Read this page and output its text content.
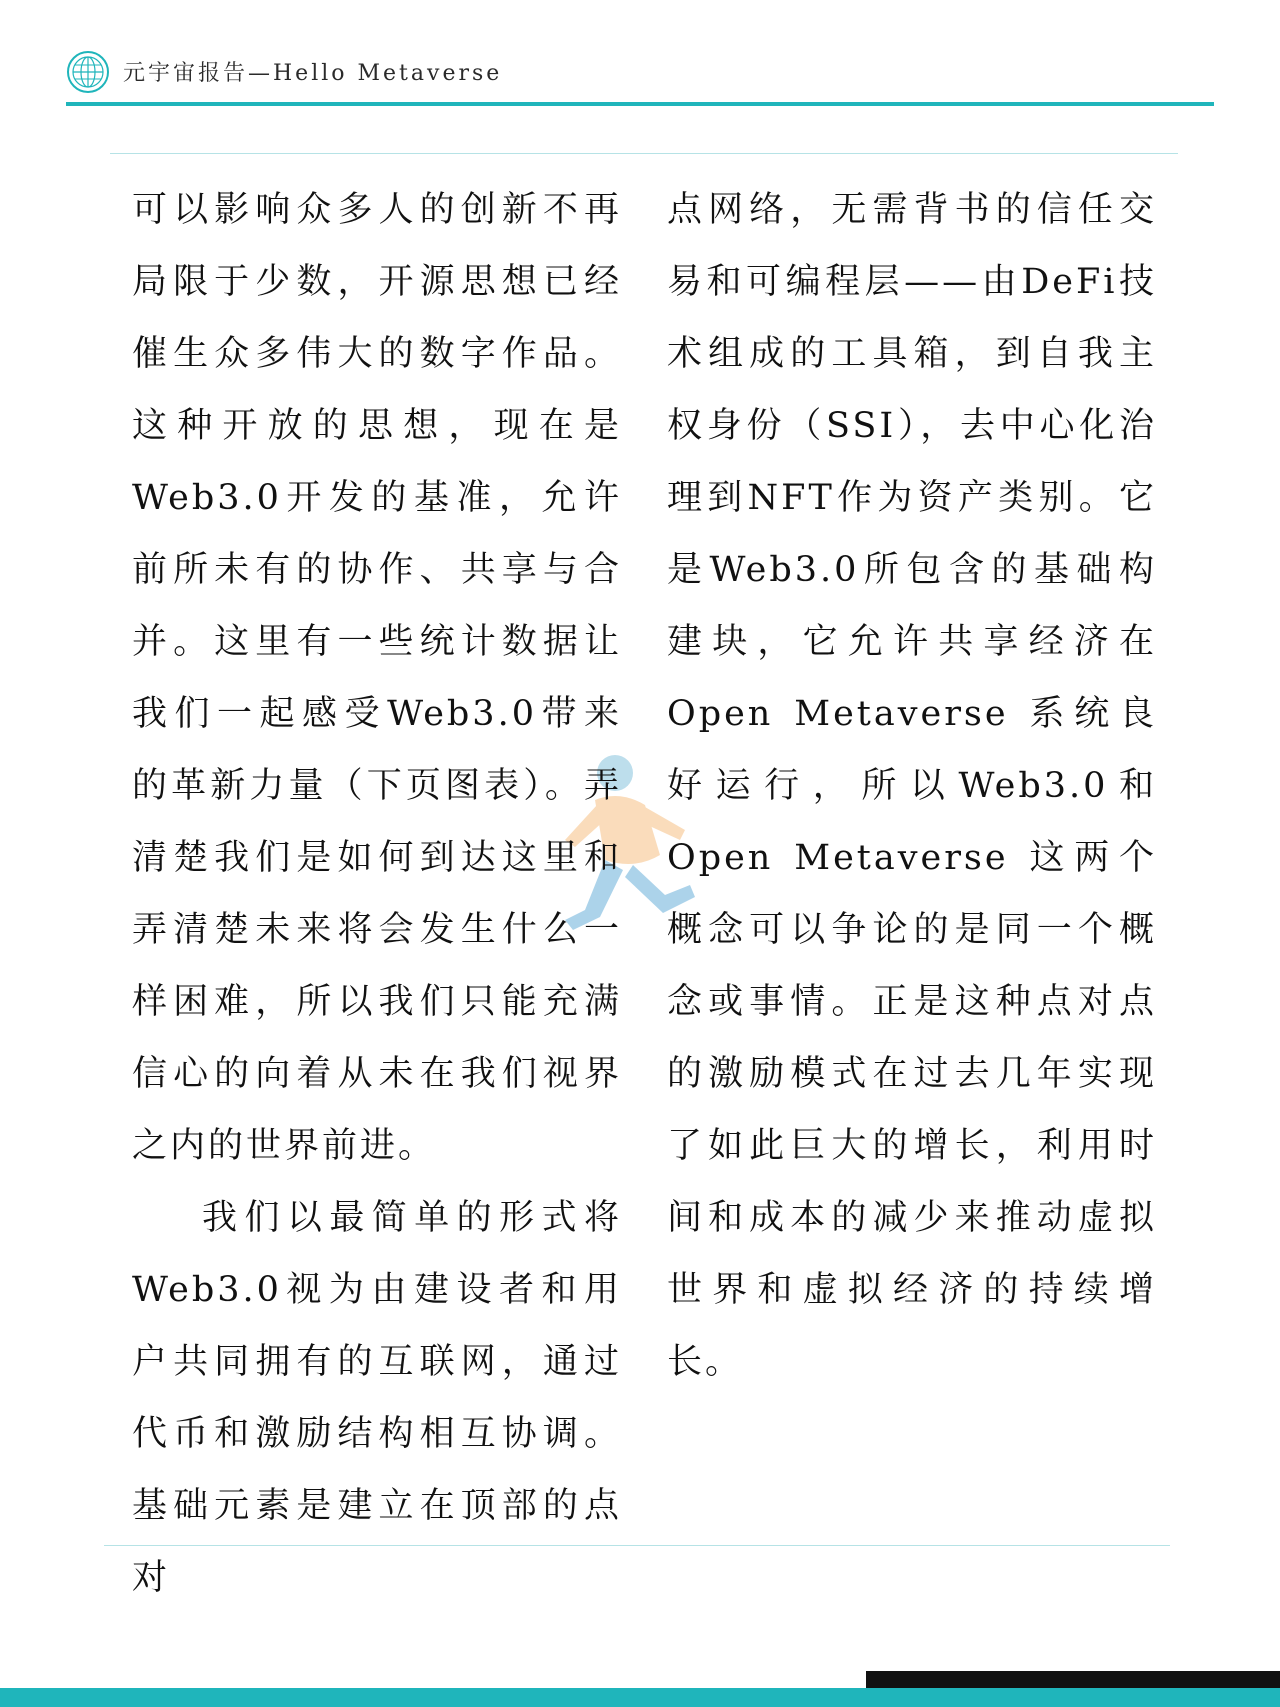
元宇宙报告—Hello Metaverse

可以影响众多人的创新不再局限于少数，开源思想已经催生众多伟大的数字作品。这种开放的思想，现在是Web3.0开发的基准，允许前所未有的协作、共享与合并。这里有一些统计数据让我们一起感受Web3.0带来的革新力量（下页图表）。弄清楚我们是如何到达这里和弄清楚未来将会发生什么一样困难，所以我们只能充满信心的向着从未在我们视界之内的世界前进。

我们以最简单的形式将Web3.0视为由建设者和用户共同拥有的互联网，通过代币和激励结构相互协调。基础元素是建立在顶部的点对

点网络，无需背书的信任交易和可编程层——由DeFi技术组成的工具箱，到自我主权身份（SSI），去中心化治理到NFT作为资产类别。它是Web3.0所包含的基础构建块，它允许共享经济在Open Metaverse 系统良好运行，所以Web3.0和 Open Metaverse 这两个概念可以争论的是同一个概念或事情。正是这种点对点的激励模式在过去几年实现了如此巨大的增长，利用时间和成本的减少来推动虚拟世界和虚拟经济的持续增长。
